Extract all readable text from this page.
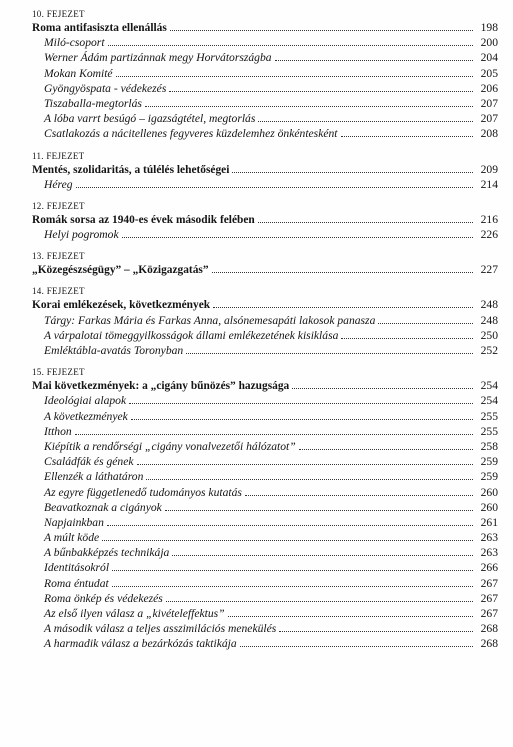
10. FEJEZET
Roma antifasiszta ellenállás	198
Miló-csoport	200
Werner Ádám partizánnak megy Horvátországba	204
Mokan Komité	205
Gyöngyöspata - védekezés	206
Tiszaballa-megtorlás	207
A lóba varrt besúgó – igazságtétel, megtorlás	207
Csatlakozás a nácitellenes fegyveres küzdelemhez önkéntesként	208
11. FEJEZET
Mentés, szolidaritás, a túlélés lehetőségei	209
Héreg	214
12. FEJEZET
Romák sorsa az 1940-es évek második felében	216
Helyi pogromok	226
13. FEJEZET
„Közegészségügy” – „Közigazgatás”	227
14. FEJEZET
Korai emlékezések, következmények	248
Tárgy: Farkas Mária és Farkas Anna, alsónemesapáti lakosok panasza	248
A várpalotai tömeggyilkosságok állami emlékezetének kisiklása	250
Emléktábla-avatás Toronyban	252
15. FEJEZET
Mai következmények: a „cigány bűnözés” hazugsága	254
Ideológiai alapok	254
A következmények	255
Itthon	255
Kiépítik a rendőrségi „cigány vonalvezetői hálózatot”	258
Családfák és gének	259
Ellenzék a láthatáron	259
Az egyre függetlenedő tudományos kutatás	260
Beavatkoznak a cigányok	260
Napjainkban	261
A múlt köde	263
A bűnbakképzés technikája	263
Identitásokról	266
Roma éntudat	267
Roma önkép és védekezés	267
Az első ilyen válasz a „kivételeffektus”	267
A második válasz a teljes asszimilációs menekülés	268
A harmadik válasz a bezárkózás taktikája	268
